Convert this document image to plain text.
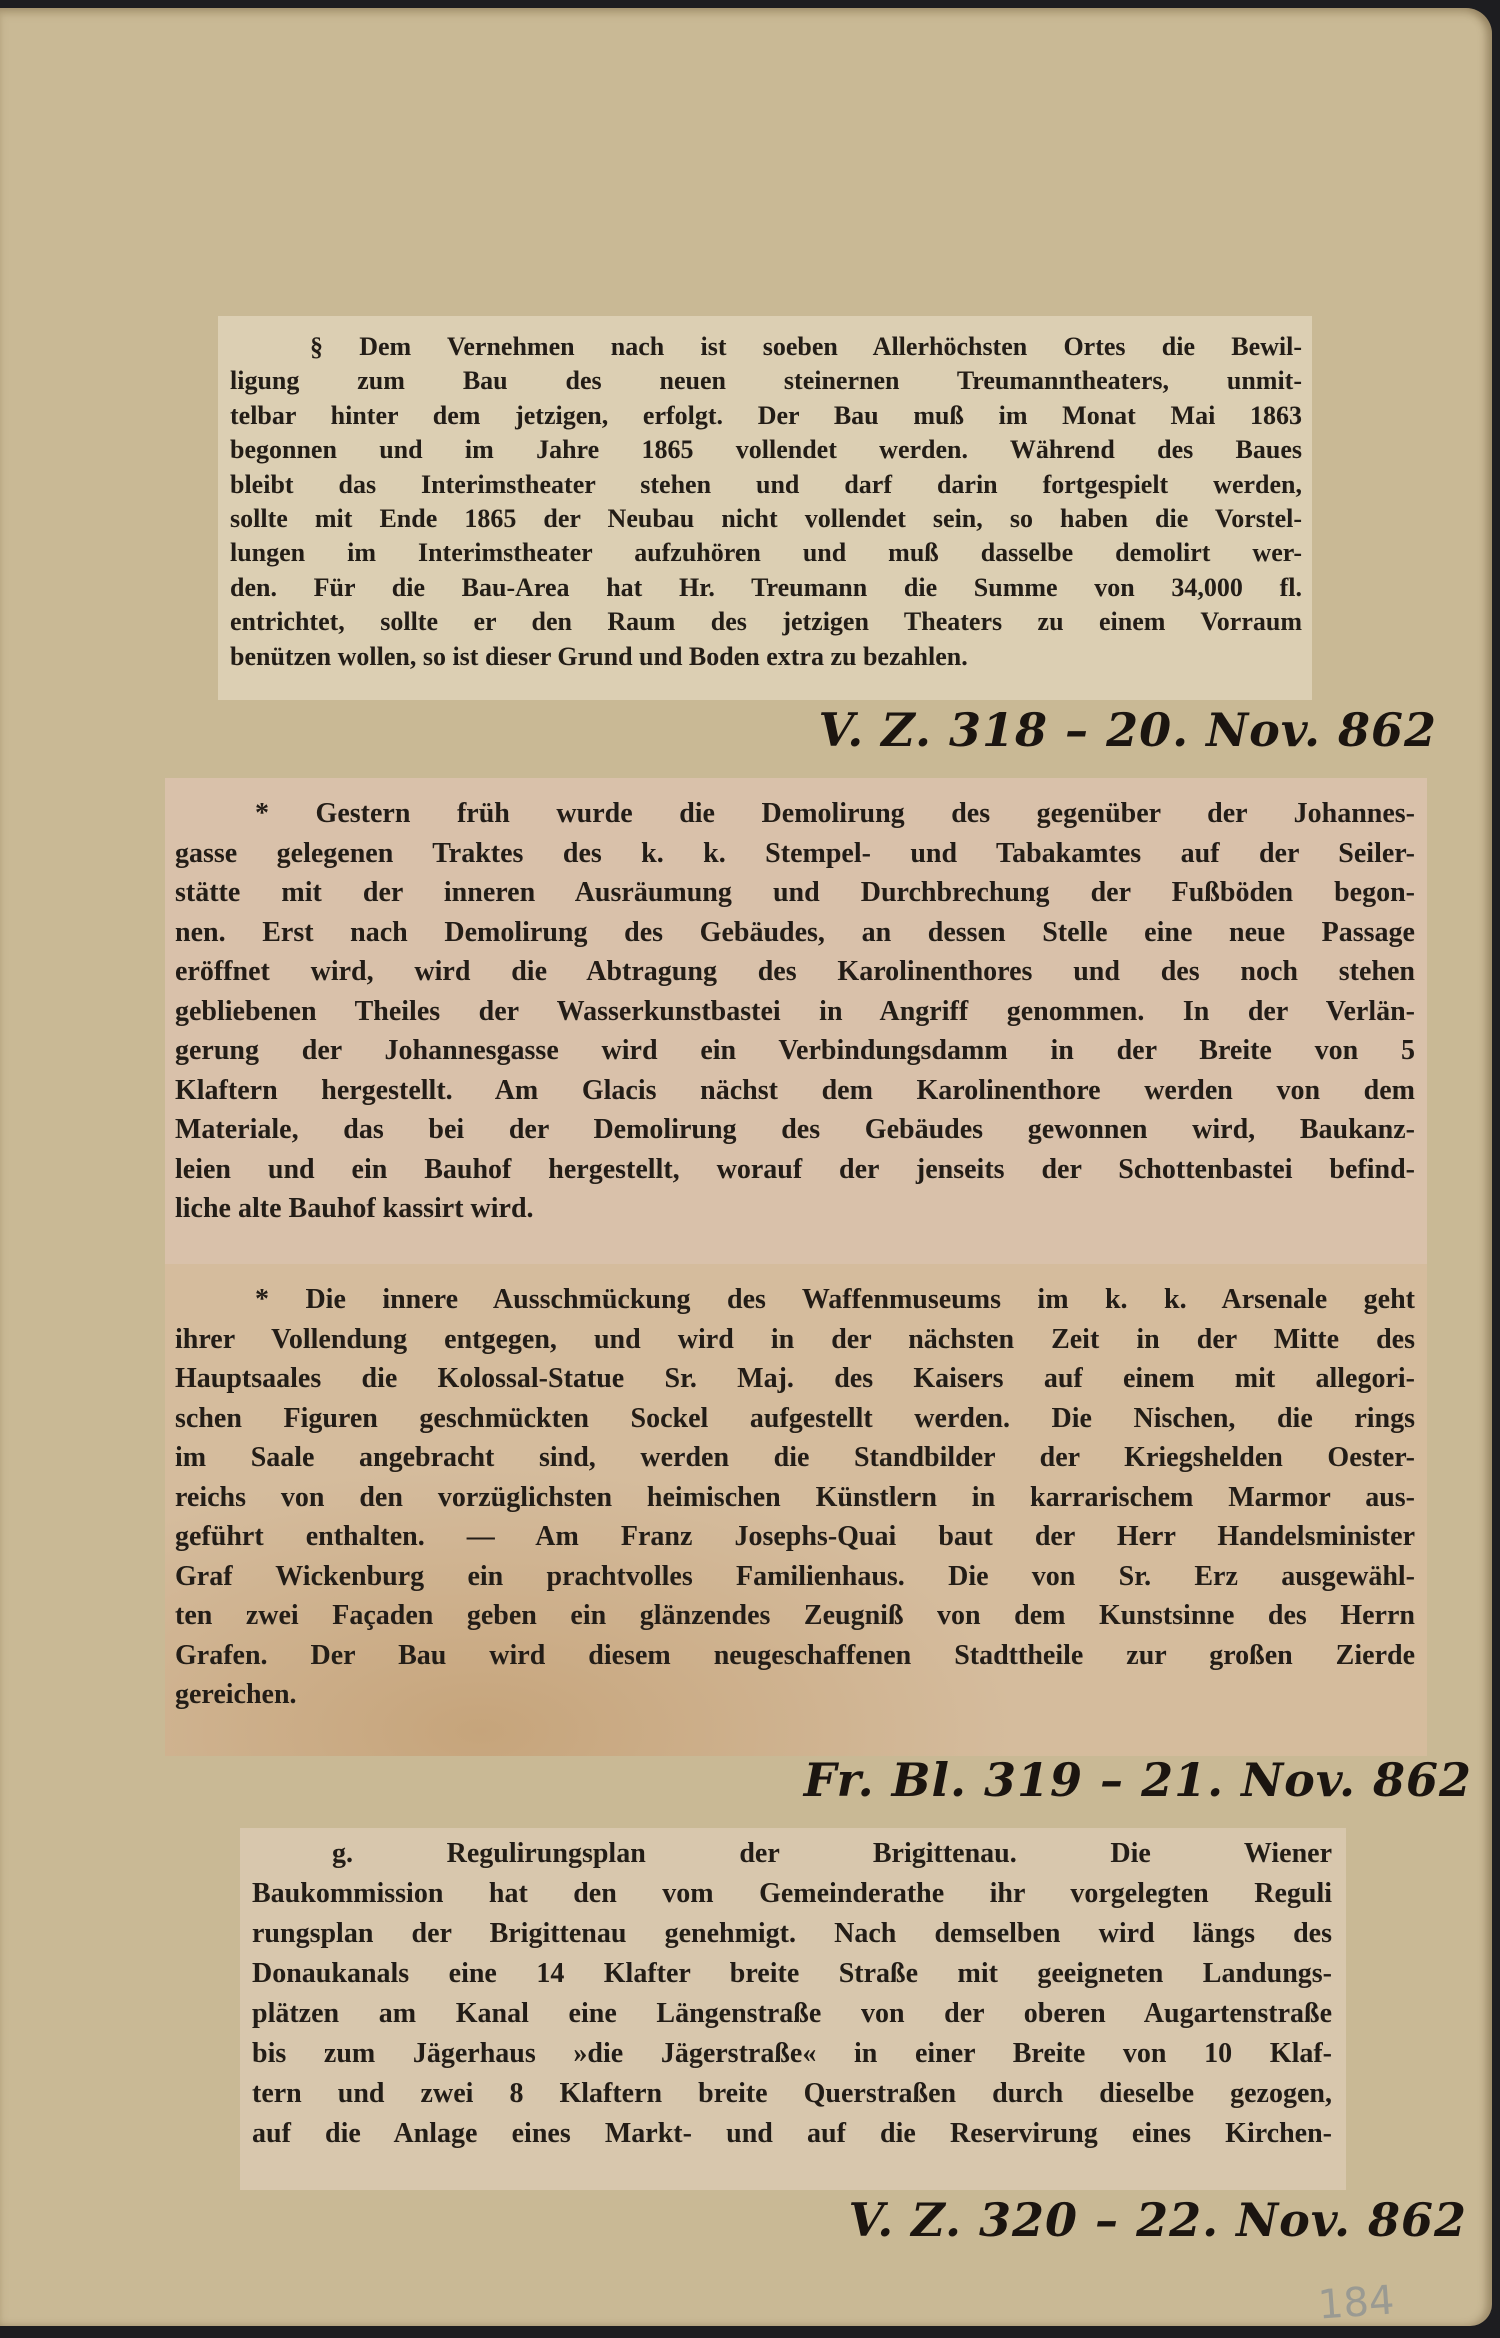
§ Dem Vernehmen nach ist soeben Allerhöchsten Ortes die Bewil-
ligung zum Bau des neuen steinernen Treumanntheaters, unmit-
telbar hinter dem jetzigen, erfolgt. Der Bau muß im Monat Mai 1863
begonnen und im Jahre 1865 vollendet werden. Während des Baues
bleibt das Interimstheater stehen und darf darin fortgespielt werden,
sollte mit Ende 1865 der Neubau nicht vollendet sein, so haben die Vorstel-
lungen im Interimstheater aufzuhören und muß dasselbe demolirt wer-
den. Für die Bau-Area hat Hr. Treumann die Summe von 34,000 fl.
entrichtet, sollte er den Raum des jetzigen Theaters zu einem Vorraum
benützen wollen, so ist dieser Grund und Boden extra zu bezahlen.
V. Z. 318 – 20. Nov. 862
* Gestern früh wurde die Demolirung des gegenüber der Johannes-
gasse gelegenen Traktes des k. k. Stempel- und Tabakamtes auf der Seiler-
stätte mit der inneren Ausräumung und Durchbrechung der Fußböden begon-
nen. Erst nach Demolirung des Gebäudes, an dessen Stelle eine neue Passage
eröffnet wird, wird die Abtragung des Karolinenthores und des noch stehen
gebliebenen Theiles der Wasserkunstbastei in Angriff genommen. In der Verlän-
gerung der Johannesgasse wird ein Verbindungsdamm in der Breite von 5
Klaftern hergestellt. Am Glacis nächst dem Karolinenthore werden von dem
Materiale, das bei der Demolirung des Gebäudes gewonnen wird, Baukanz-
leien und ein Bauhof hergestellt, worauf der jenseits der Schottenbastei befind-
liche alte Bauhof kassirt wird.
* Die innere Ausschmückung des Waffenmuseums im k. k. Arsenale geht
ihrer Vollendung entgegen, und wird in der nächsten Zeit in der Mitte des
Hauptsaales die Kolossal-Statue Sr. Maj. des Kaisers auf einem mit allegori-
schen Figuren geschmückten Sockel aufgestellt werden. Die Nischen, die rings
im Saale angebracht sind, werden die Standbilder der Kriegshelden Oester-
reichs von den vorzüglichsten heimischen Künstlern in karrarischem Marmor aus-
geführt enthalten. — Am Franz Josephs-Quai baut der Herr Handelsminister
Graf Wickenburg ein prachtvolles Familienhaus. Die von Sr. Erz ausgewähl-
ten zwei Façaden geben ein glänzendes Zeugniß von dem Kunstsinne des Herrn
Grafen. Der Bau wird diesem neugeschaffenen Stadttheile zur großen Zierde
gereichen.
Fr. Bl. 319 – 21. Nov. 862
g. Regulirungsplan der Brigittenau. Die Wiener
Baukommission hat den vom Gemeinderathe ihr vorgelegten Reguli
rungsplan der Brigittenau genehmigt. Nach demselben wird längs des
Donaukanals eine 14 Klafter breite Straße mit geeigneten Landungs-
plätzen am Kanal eine Längenstraße von der oberen Augartenstraße
bis zum Jägerhaus »die Jägerstraße« in einer Breite von 10 Klaf-
tern und zwei 8 Klaftern breite Querstraßen durch dieselbe gezogen,
auf die Anlage eines Markt- und auf die Reservirung eines Kirchen-
V. Z. 320 – 22. Nov. 862
184
